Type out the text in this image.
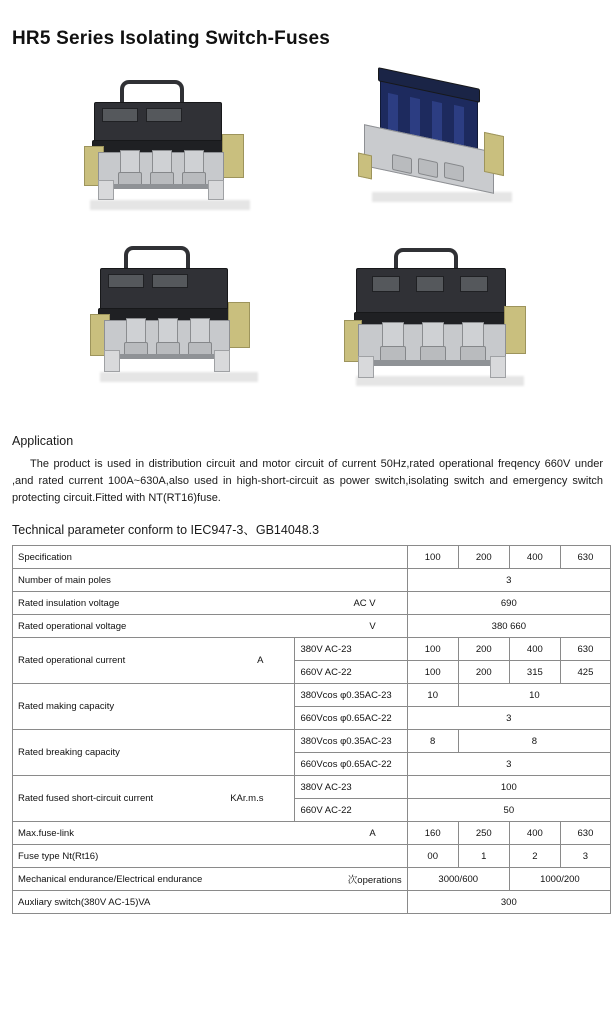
HR5 Series Isolating Switch-Fuses
Application

The product is used in distribution circuit and motor circuit of current 50Hz,rated operational freqency 660V under ,and rated current 100A~630A,also used in high-short-circuit as power switch,isolating switch and emergency switch protecting circuit.Fitted with NT(RT16)fuse.

Technical parameter conform to IEC947-3、GB14048.3
Specification		100	200	400	630
Number of main poles		3			

Rated insulation voltage AC V		690			

Rated operational voltage V		380 660			

Rated operational current A	380V AC-23	100	200	400	630
	660V AC-22	100	200	315	425
Rated making capacity	380Vcos φ0.35AC-23	10	10		
	660Vcos φ0.65AC-22	3			
Rated breaking capacity	380Vcos φ0.35AC-23	8	8		
	660Vcos φ0.65AC-22	3			

Rated fused short-circuit current KAr.m.s	380V AC-23	100			
	660V AC-22	50			

Max.fuse-link A		160	250	400	630
Fuse type Nt(Rt16)		00	1	2	3

Mechanical endurance/Electrical endurance 次operations		3000/600		1000/200	
Auxliary switch(380V AC-15)VA		300			
